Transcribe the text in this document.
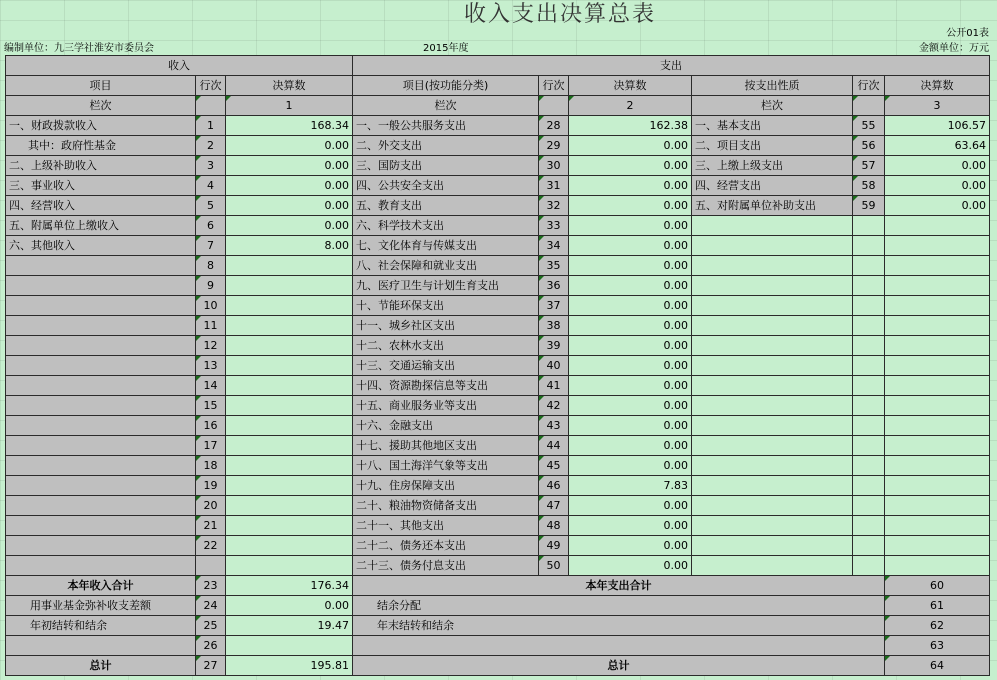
收入支出决算总表
公开01表
编制单位：九三学社淮安市委员会	2015年度	金额单位：万元
收入			支出						
项目	行次	决算数	项目(按功能分类)	行次	决算数	按支出性质	行次	决算数	
栏次		1	栏次		2	栏次		3	
一、财政拨款收入	1	168.34	一、一般公共服务支出	28	162.38	一、基本支出	55	106.57	
其中：政府性基金	2	0.00	二、外交支出	29	0.00	二、项目支出	56	63.64	
二、上级补助收入	3	0.00	三、国防支出	30	0.00	三、上缴上级支出	57	0.00	
三、事业收入	4	0.00	四、公共安全支出	31	0.00	四、经营支出	58	0.00	
四、经营收入	5	0.00	五、教育支出	32	0.00	五、对附属单位补助支出	59	0.00	
五、附属单位上缴收入	6	0.00	六、科学技术支出	33	0.00				
六、其他收入	7	8.00	七、文化体育与传媒支出	34	0.00				
	8		八、社会保障和就业支出	35	0.00				
	9		九、医疗卫生与计划生育支出	36	0.00				
	10		十、节能环保支出	37	0.00				
	11		十一、城乡社区支出	38	0.00				
	12		十二、农林水支出	39	0.00				
	13		十三、交通运输支出	40	0.00				
	14		十四、资源勘探信息等支出	41	0.00				
	15		十五、商业服务业等支出	42	0.00				
	16		十六、金融支出	43	0.00				
	17		十七、援助其他地区支出	44	0.00				
	18		十八、国土海洋气象等支出	45	0.00				
	19		十九、住房保障支出	46	7.83				
	20		二十、粮油物资储备支出	47	0.00				
	21		二十一、其他支出	48	0.00				
	22		二十二、债务还本支出	49	0.00				
			二十三、债务付息支出	50	0.00				
本年收入合计	23	176.34	本年支出合计					60	
用事业基金弥补收支差额	24	0.00	结余分配					61	
年初结转和结余	25	19.47	年末结转和结余					62	
	26							63	
总计	27	195.81	总计					64	
